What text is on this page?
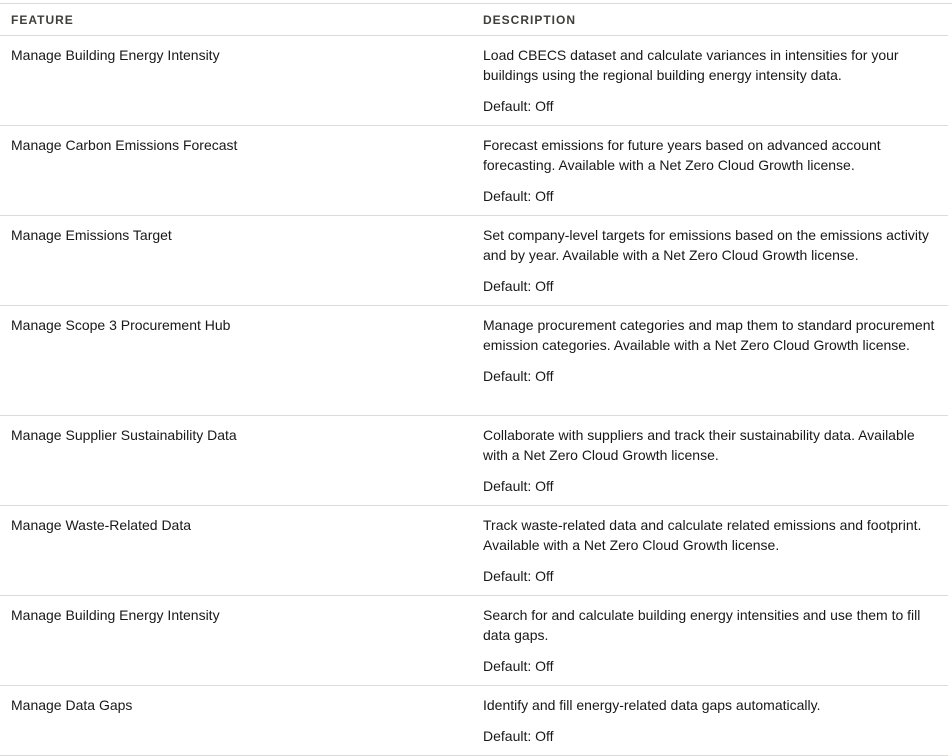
FEATURE	DESCRIPTION

Manage Building Energy Intensity	Load CBECS dataset and calculate variances in intensities for your buildings using the regional building energy intensity data.

Default: Off

Manage Carbon Emissions Forecast	Forecast emissions for future years based on advanced account forecasting. Available with a Net Zero Cloud Growth license.

Default: Off

Manage Emissions Target	Set company-level targets for emissions based on the emissions activity and by year. Available with a Net Zero Cloud Growth license.

Default: Off

Manage Scope 3 Procurement Hub	Manage procurement categories and map them to standard procurement emission categories. Available with a Net Zero Cloud Growth license.

Default: Off

Manage Supplier Sustainability Data	Collaborate with suppliers and track their sustainability data. Available with a Net Zero Cloud Growth license.

Default: Off

Manage Waste-Related Data	Track waste-related data and calculate related emissions and footprint. Available with a Net Zero Cloud Growth license.

Default: Off

Manage Building Energy Intensity	Search for and calculate building energy intensities and use them to fill data gaps.

Default: Off

Manage Data Gaps	Identify and fill energy-related data gaps automatically.

Default: Off
